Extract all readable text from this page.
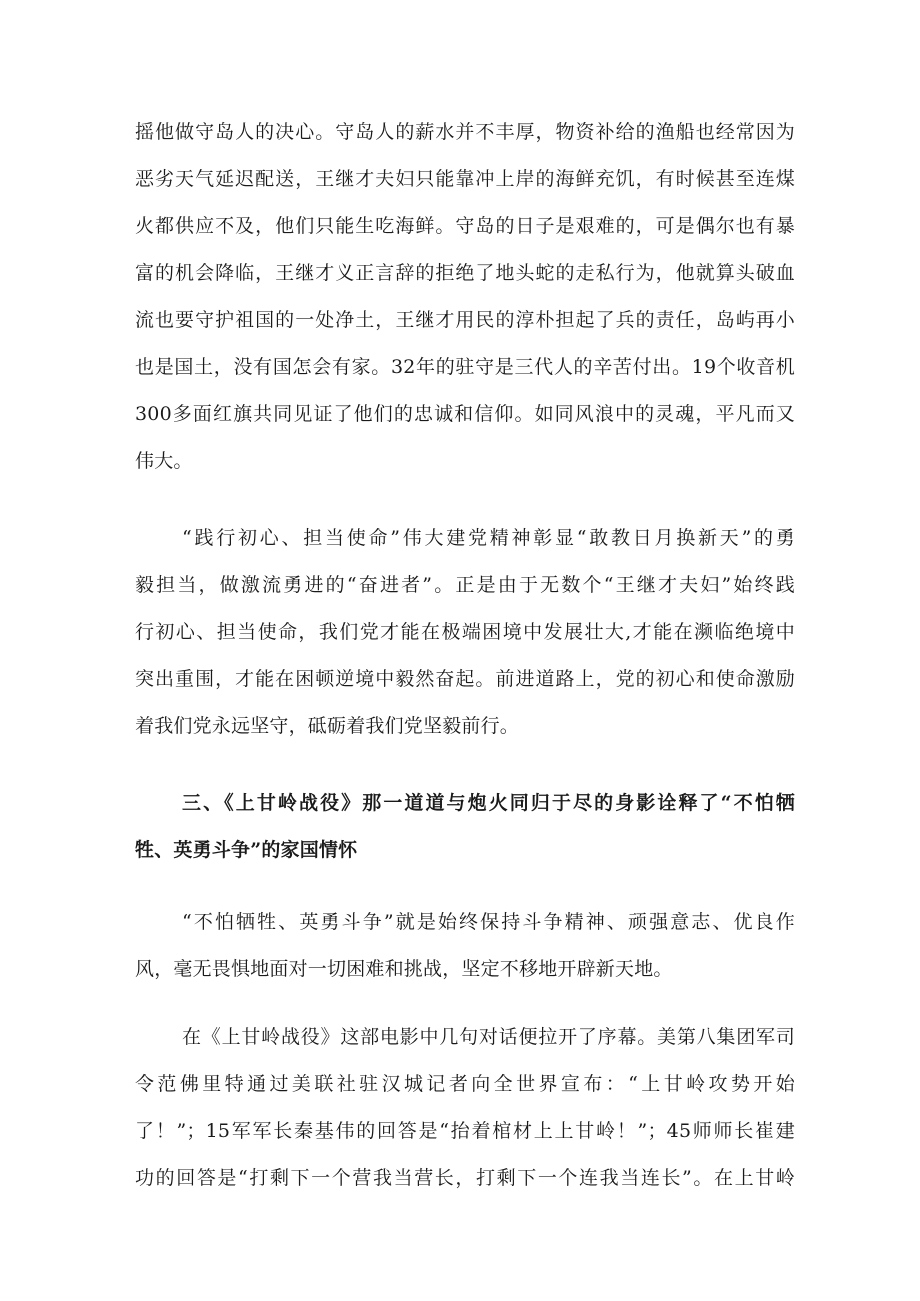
摇他做守岛人的决心。守岛人的薪水并不丰厚，物资补给的渔船也经常因为
恶劣天气延迟配送，王继才夫妇只能靠冲上岸的海鲜充饥，有时候甚至连煤
火都供应不及，他们只能生吃海鲜。守岛的日子是艰难的，可是偶尔也有暴
富的机会降临，王继才义正言辞的拒绝了地头蛇的走私行为，他就算头破血
流也要守护祖国的一处净土，王继才用民的淳朴担起了兵的责任，岛屿再小
也是国土，没有国怎会有家。32年的驻守是三代人的辛苦付出。19个收音机
300多面红旗共同见证了他们的忠诚和信仰。如同风浪中的灵魂，平凡而又
伟大。
“践行初心、担当使命”伟大建党精神彰显“敢教日月换新天”的勇
毅担当，做激流勇进的“奋进者”。正是由于无数个“王继才夫妇”始终践
行初心、担当使命，我们党才能在极端困境中发展壮大,才能在濒临绝境中
突出重围，才能在困顿逆境中毅然奋起。前进道路上，党的初心和使命激励
着我们党永远坚守，砥砺着我们党坚毅前行。
三、《上甘岭战役》那一道道与炮火同归于尽的身影诠释了“不怕牺
牲、英勇斗争”的家国情怀
“不怕牺牲、英勇斗争”就是始终保持斗争精神、顽强意志、优良作
风，毫无畏惧地面对一切困难和挑战，坚定不移地开辟新天地。
在《上甘岭战役》这部电影中几句对话便拉开了序幕。美第八集团军司
令范佛里特通过美联社驻汉城记者向全世界宣布：“上甘岭攻势开始
了！”；15军军长秦基伟的回答是“抬着棺材上上甘岭！”；45师师长崔建
功的回答是“打剩下一个营我当营长，打剩下一个连我当连长”。在上甘岭
